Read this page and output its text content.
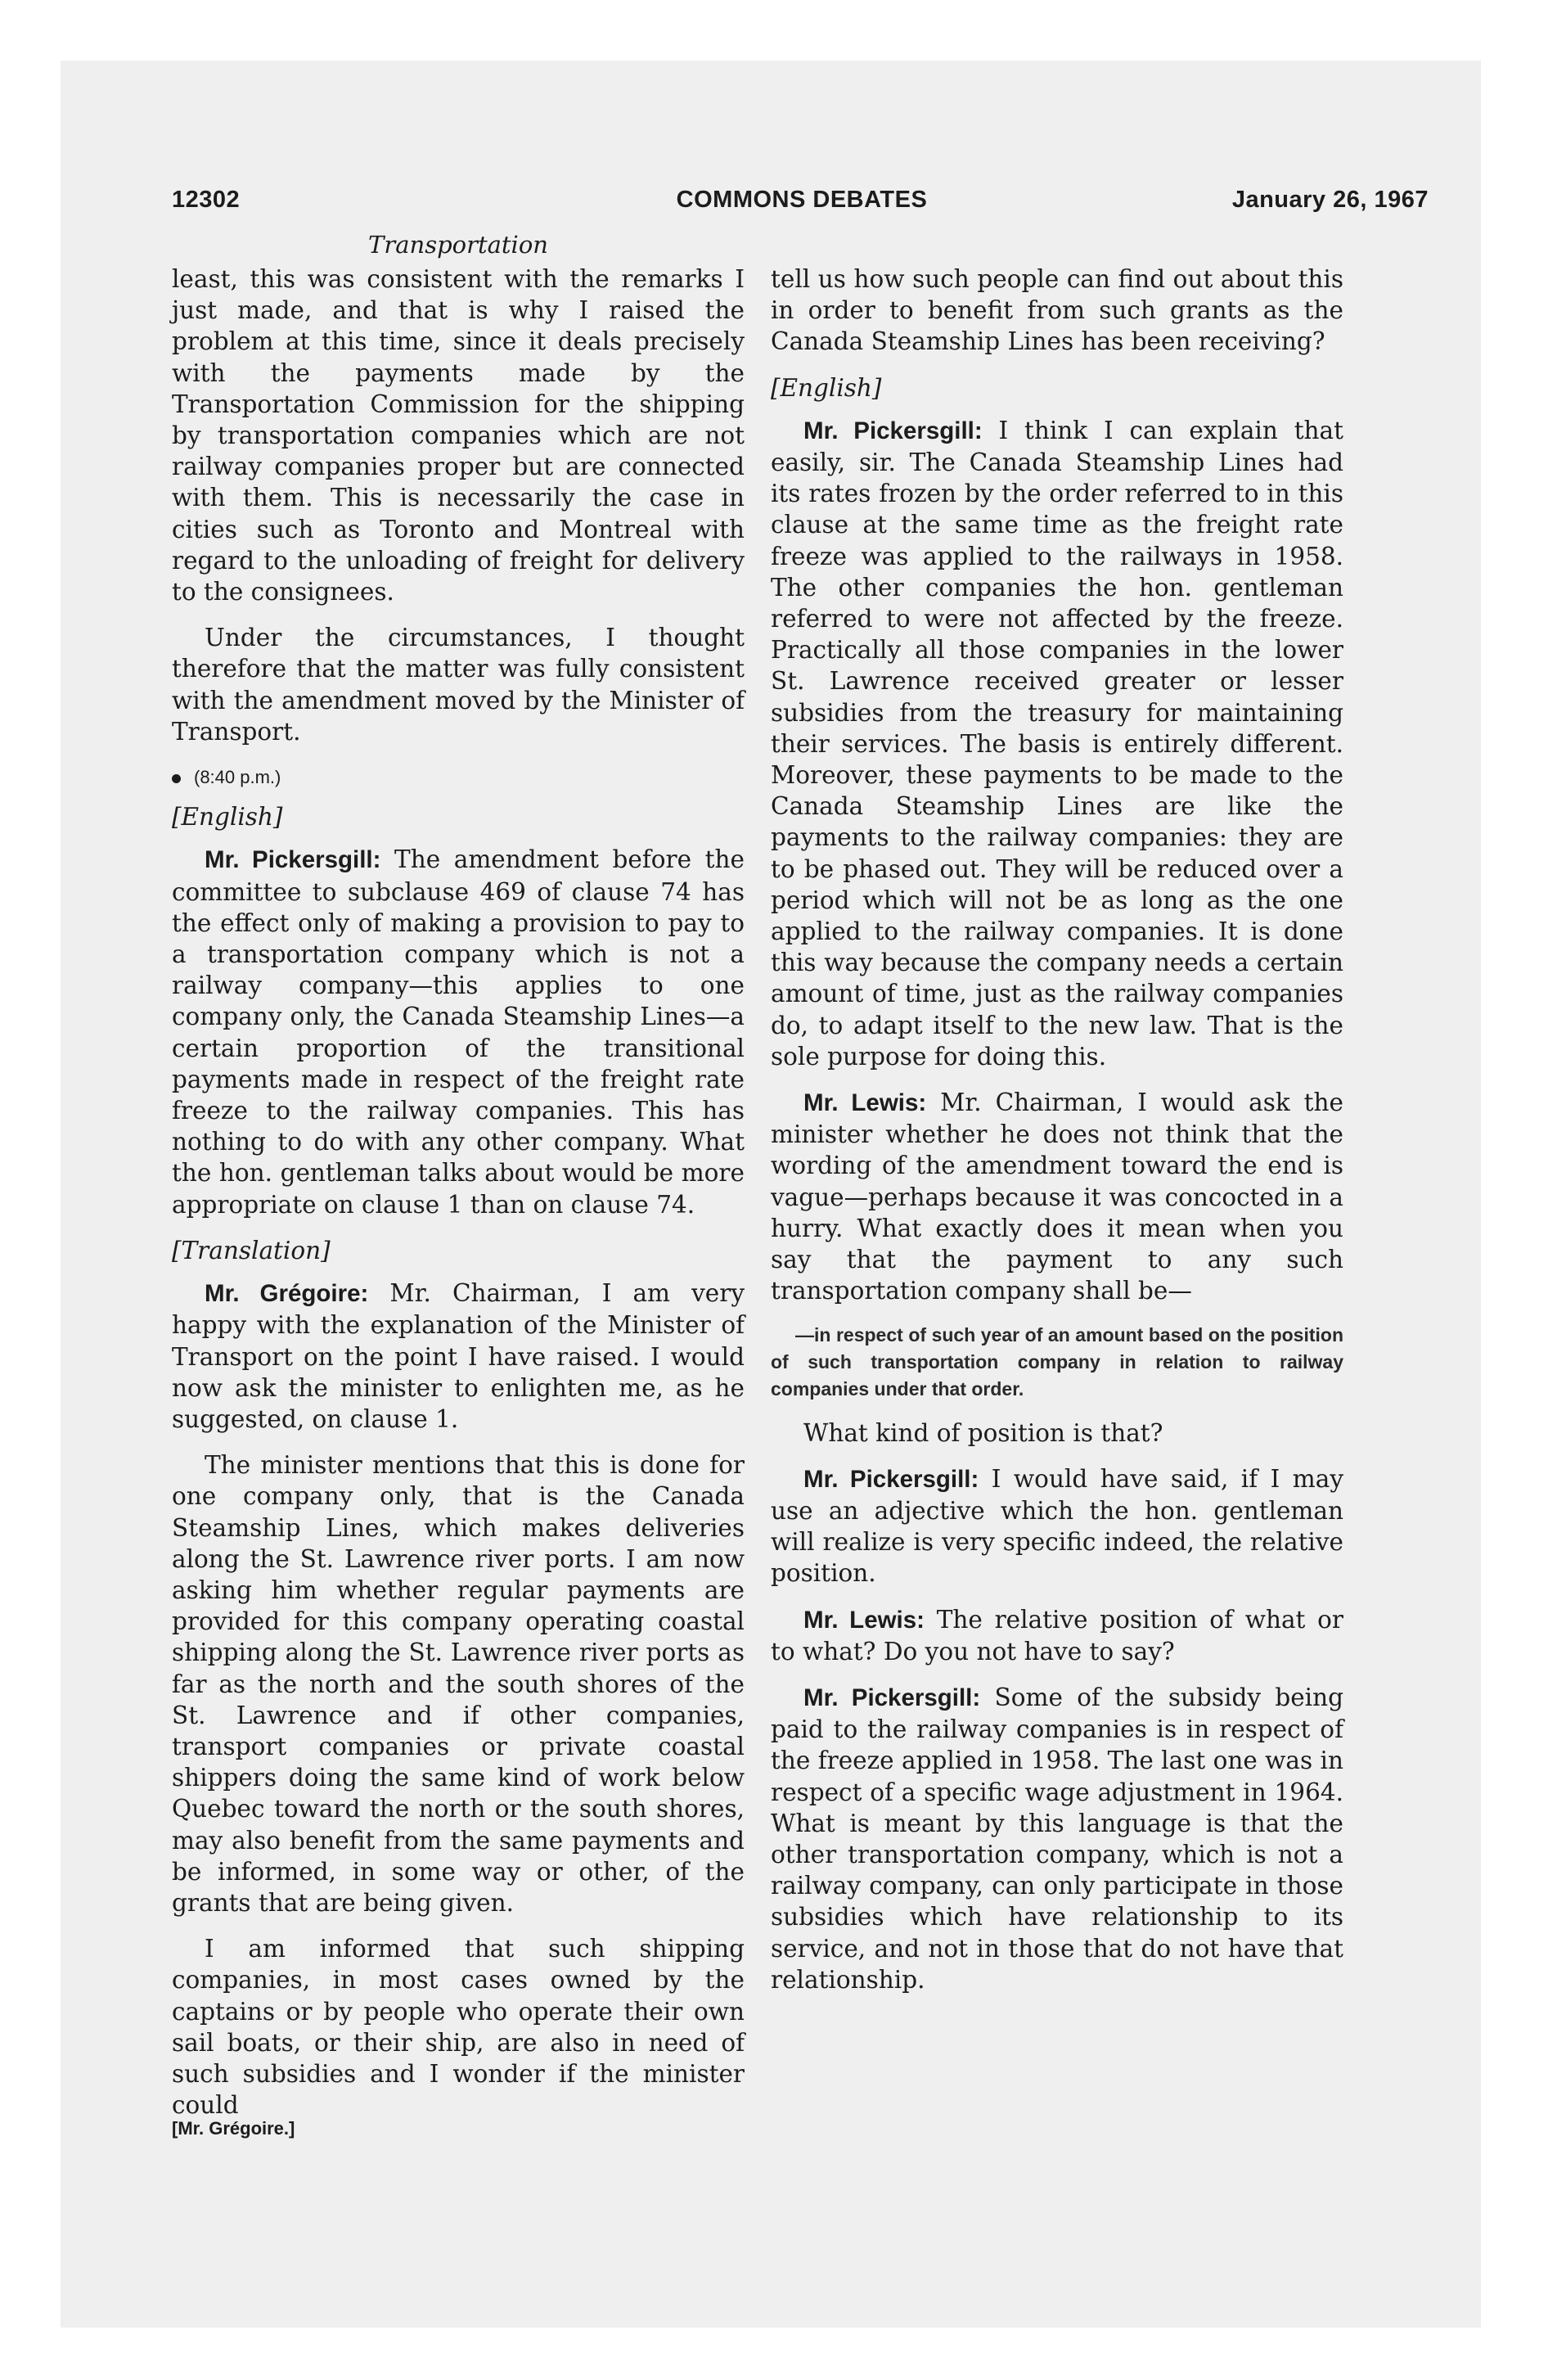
12302	COMMONS DEBATES	January 26, 1967
Transportation

least, this was consistent with the remarks I just made, and that is why I raised the problem at this time, since it deals precisely with the payments made by the Transportation Commission for the shipping by transportation companies which are not railway companies proper but are connected with them. This is necessarily the case in cities such as Toronto and Montreal with regard to the unloading of freight for delivery to the consignees.

Under the circumstances, I thought therefore that the matter was fully consistent with the amendment moved by the Minister of Transport.

(8:40 p.m.)
[English]

Mr. Pickersgill: The amendment before the committee to subclause 469 of clause 74 has the effect only of making a provision to pay to a transportation company which is not a railway company—this applies to one company only, the Canada Steamship Lines—a certain proportion of the transitional payments made in respect of the freight rate freeze to the railway companies. This has nothing to do with any other company. What the hon. gentleman talks about would be more appropriate on clause 1 than on clause 74.

[Translation]

Mr. Grégoire: Mr. Chairman, I am very happy with the explanation of the Minister of Transport on the point I have raised. I would now ask the minister to enlighten me, as he suggested, on clause 1.

The minister mentions that this is done for one company only, that is the Canada Steamship Lines, which makes deliveries along the St. Lawrence river ports. I am now asking him whether regular payments are provided for this company operating coastal shipping along the St. Lawrence river ports as far as the north and the south shores of the St. Lawrence and if other companies, transport companies or private coastal shippers doing the same kind of work below Quebec toward the north or the south shores, may also benefit from the same payments and be informed, in some way or other, of the grants that are being given.

I am informed that such shipping companies, in most cases owned by the captains or by people who operate their own sail boats, or their ship, are also in need of such subsidies and I wonder if the minister could

[Mr. Grégoire.]

tell us how such people can find out about this in order to benefit from such grants as the Canada Steamship Lines has been receiving?

[English]

Mr. Pickersgill: I think I can explain that easily, sir. The Canada Steamship Lines had its rates frozen by the order referred to in this clause at the same time as the freight rate freeze was applied to the railways in 1958. The other companies the hon. gentleman referred to were not affected by the freeze. Practically all those companies in the lower St. Lawrence received greater or lesser subsidies from the treasury for maintaining their services. The basis is entirely different. Moreover, these payments to be made to the Canada Steamship Lines are like the payments to the railway companies: they are to be phased out. They will be reduced over a period which will not be as long as the one applied to the railway companies. It is done this way because the company needs a certain amount of time, just as the railway companies do, to adapt itself to the new law. That is the sole purpose for doing this.

Mr. Lewis: Mr. Chairman, I would ask the minister whether he does not think that the wording of the amendment toward the end is vague—perhaps because it was concocted in a hurry. What exactly does it mean when you say that the payment to any such transportation company shall be—

—in respect of such year of an amount based on the position of such transportation company in relation to railway companies under that order.

What kind of position is that?

Mr. Pickersgill: I would have said, if I may use an adjective which the hon. gentleman will realize is very specific indeed, the relative position.

Mr. Lewis: The relative position of what or to what? Do you not have to say?

Mr. Pickersgill: Some of the subsidy being paid to the railway companies is in respect of the freeze applied in 1958. The last one was in respect of a specific wage adjustment in 1964. What is meant by this language is that the other transportation company, which is not a railway company, can only participate in those subsidies which have relationship to its service, and not in those that do not have that relationship.
